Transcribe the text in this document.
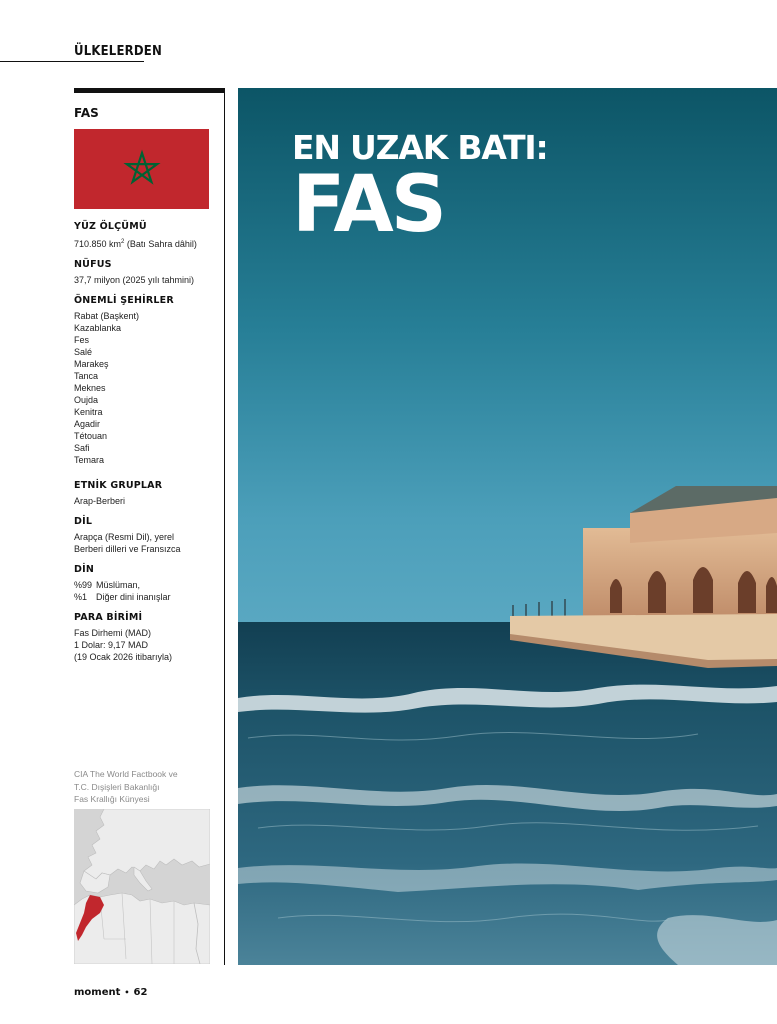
ÜLKELERDEN
FAS
YÜZ ÖLÇÜMÜ
710.850 $km^2$ (Batı Sahra dâhil)
NÜFUS
37,7 milyon (2025 yılı tahmini)
ÖNEMLİ ŞEHİRLER
Rabat (Başkent)
Kazablanka
Fes
Salé
Marakeş
Tanca
Meknes
Oujda
Kenitra
Agadir
Tétouan
Safi
Temara
ETNİK GRUPLAR
Arap-Berberi
DİL
Arapça (Resmi Dil), yerel
Berberi dilleri ve Fransızca
DİN
%99 Müslüman,
%1 Diğer dini inanışlar
PARA BİRİMİ
Fas Dirhemi (MAD)
1 Dolar: 9,17 MAD
(19 Ocak 2026 itibarıyla)
CIA The World Factbook ve
T.C. Dışişleri Bakanlığı
Fas Krallığı Künyesi
moment • 62
EN UZAK BATI:
FAS
